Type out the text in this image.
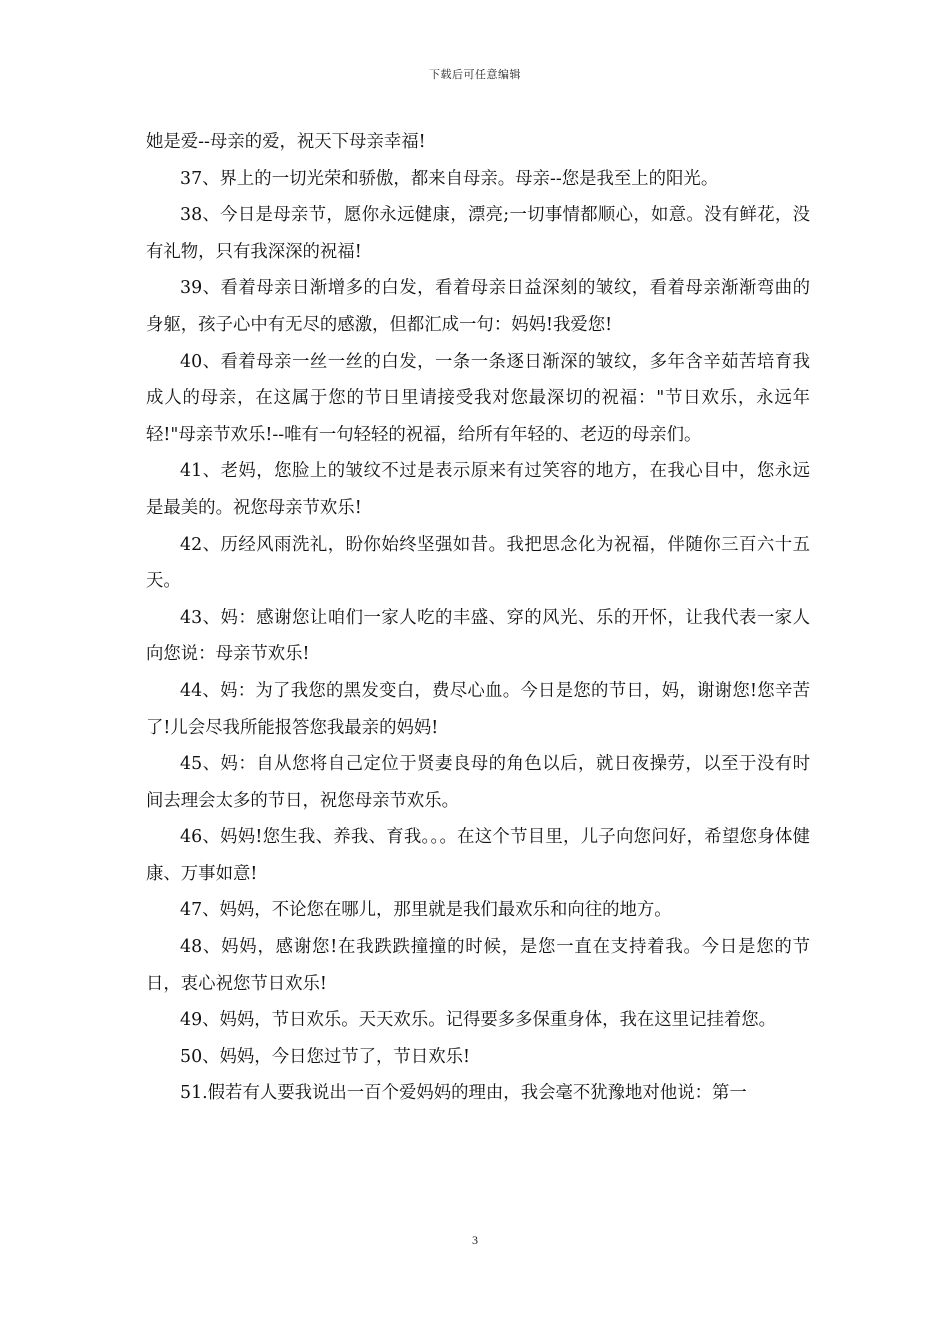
下载后可任意编辑

她是爱--母亲的爱，祝天下母亲幸福!

37、界上的一切光荣和骄傲，都来自母亲。母亲--您是我至上的阳光。

38、今日是母亲节，愿你永远健康，漂亮;一切事情都顺心，如意。没有鲜花，没有礼物，只有我深深的祝福!

39、看着母亲日渐增多的白发，看着母亲日益深刻的皱纹，看着母亲渐渐弯曲的身躯，孩子心中有无尽的感激，但都汇成一句：妈妈!我爱您!

40、看着母亲一丝一丝的白发，一条一条逐日渐深的皱纹，多年含辛茹苦培育我成人的母亲，在这属于您的节日里请接受我对您最深切的祝福："节日欢乐，永远年轻!"母亲节欢乐!--唯有一句轻轻的祝福，给所有年轻的、老迈的母亲们。

41、老妈，您脸上的皱纹不过是表示原来有过笑容的地方，在我心目中，您永远是最美的。祝您母亲节欢乐!

42、历经风雨洗礼，盼你始终坚强如昔。我把思念化为祝福，伴随你三百六十五天。

43、妈：感谢您让咱们一家人吃的丰盛、穿的风光、乐的开怀，让我代表一家人向您说：母亲节欢乐!

44、妈：为了我您的黑发变白，费尽心血。今日是您的节日，妈，谢谢您!您辛苦了!儿会尽我所能报答您我最亲的妈妈!

45、妈：自从您将自己定位于贤妻良母的角色以后，就日夜操劳，以至于没有时间去理会太多的节日，祝您母亲节欢乐。

46、妈妈!您生我、养我、育我。。。在这个节目里，儿子向您问好，希望您身体健康、万事如意!

47、妈妈，不论您在哪儿，那里就是我们最欢乐和向往的地方。

48、妈妈，感谢您!在我跌跌撞撞的时候，是您一直在支持着我。今日是您的节日，衷心祝您节日欢乐!

49、妈妈，节日欢乐。天天欢乐。记得要多多保重身体，我在这里记挂着您。

50、妈妈，今日您过节了，节日欢乐!

51.假若有人要我说出一百个爱妈妈的理由，我会毫不犹豫地对他说：第一

3
